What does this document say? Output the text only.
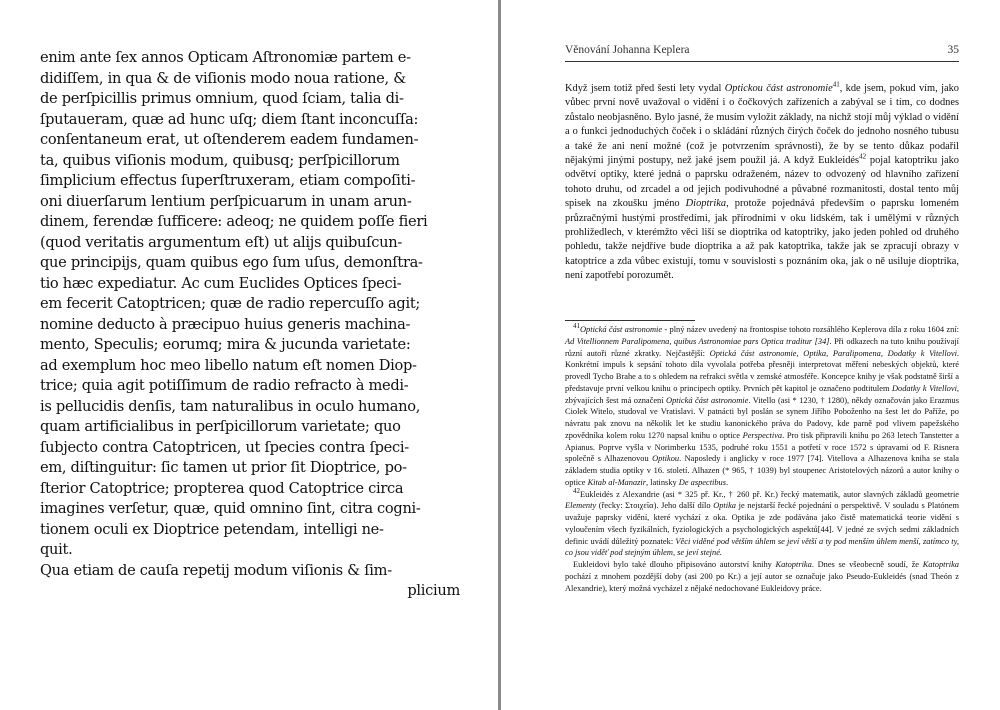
enim ante ſex annos Opticam Aſtronomiæ partem e-
didiſſem, in qua & de viſionis modo noua ratione, &
de perſpicillis primus omnium, quod ſciam, talia di-
ſputaueram, quæ ad hunc uſq; diem ſtant inconcuſſa:
conſentaneum erat, ut oſtenderem eadem fundamen-
ta, quibus viſionis modum, quibusq; perſpicillorum
ſimplicium effectus ſuperſtruxeram, etiam compoſiti-
oni diuerſarum lentium perſpicuarum in unam arun-
dinem, ferendæ ſufficere: adeoq; ne quidem poſſe fieri
(quod veritatis argumentum eſt) ut alijs quibuſcun-
que principijs, quam quibus ego ſum uſus, demonſtra-
tio hæc expediatur. Ac cum Euclides Optices ſpeci-
em fecerit Catoptricen; quæ de radio repercuſſo agit;
nomine deducto à præcipuo huius generis machina-
mento, Speculis; eorumq; mira & jucunda varietate:
ad exemplum hoc meo libello natum eſt nomen Diop-
trice; quia agit potiſſimum de radio refracto à medi-
is pellucidis denſis, tam naturalibus in oculo humano,
quam artificialibus in perſpicillorum varietate; quo
ſubjecto contra Catoptricen, ut ſpecies contra ſpeci-
em, diſtinguitur: ſic tamen ut prior ſit Dioptrice, po-
ſterior Catoptrice; propterea quod Catoptrice circa
imagines verſetur, quæ, quid omnino ſint, citra cogni-
tionem oculi ex Dioptrice petendam, intelligi ne-
quit.
Qua etiam de cauſa repetij modum viſionis & ſim-
plicium
Věnování Johanna Keplera	35

Když jsem totiž před šesti lety vydal Optickou část astronomie$^{41}$, kde jsem, pokud vím, jako vůbec první nově uvažoval o vidění i o čočkových zařízeních a zabýval se i tím, co dodnes zůstalo neobjasněno. Bylo jasné, že musím vyložit základy, na nichž stojí můj výklad o vidění a o funkci jednoduchých čoček i o skládání různých čirých čoček do jednoho nosného tubusu a také že ani není možné (což je potvrzením správnosti), že by se tento důkaz podařil nějakými jinými postupy, než jaké jsem použil já. A když Eukleidés$^{42}$ pojal katoptriku jako odvětví optiky, které jedná o paprsku odraženém, název to odvozený od hlavního zařízení tohoto druhu, od zrcadel a od jejich podivuhodné a půvabné rozmanitosti, dostal tento můj spisek na zkoušku jméno Dioptrika, protože pojednává především o paprsku lomeném průzračnými hustými prostředími, jak přírodními v oku lidském, tak i umělými v různých prohlížedlech, v kterémžto věci liší se dioptrika od katoptriky, jako jeden pohled od druhého pohledu, takže nejdříve bude dioptrika a až pak katoptrika, takže jak se zpracují obrazy v katoptrice a zda vůbec existují, tomu v souvislosti s poznáním oka, jak o ně usiluje dioptrika, není zapotřebí porozumět.

$^{41}$Optická část astronomie - plný název uvedený na frontospise tohoto rozsáhlého Keplerova díla z roku 1604 zní: Ad Vitellionnem Paralipomena, quibus Astronomiae pars Optica traditur [34]. Při odkazech na tuto knihu používají různí autoři různé zkratky. Nejčastější: Optická část astronomie, Optika, Paralipomena, Dodatky k Vitellovi. Konkrétní impuls k sepsání tohoto díla vyvolala potřeba přesněji interpretovat měření nebeských objektů, které provedl Tycho Brahe a to s ohledem na refrakci světla v zemské atmosféře. Koncepce knihy je však podstatně širší a představuje první velkou knihu o principech optiky. Prvních pět kapitol je označeno podtitulem Dodatky k Vitellovi, zbývajících šest má označení Optická část astronomie. Vitello (asi * 1230, † 1280), někdy označován jako Erazmus Ciolek Witelo, studoval ve Vratislavi. V patnácti byl poslán se synem Jiřího Poboženho na šest let do Paříže, po návratu pak znovu na několik let ke studiu kanonického práva do Padovy, kde parně pod vlivem papežského zpovědníka kolem roku 1270 napsal knihu o optice Perspectiva. Pro tisk připravili knihu po 263 letech Tanstetter a Apianus. Poprve vyšla v Norimberku 1535, podruhé roku 1551 a potřetí v roce 1572 s úpravami od F. Risnera společně s Alhazenovou Optikou. Naposledy i anglicky v roce 1977 [74]. Vitellova a Alhazenova kniha se stala základem studia optiky v 16. století. Alhazen (* 965, † 1039) byl stoupenec Aristotelových názorů a autor knihy o optice Kitab al-Manazir, latinsky De aspectibus.

$^{42}$Eukleidés z Alexandrie (asi * 325 př. Kr., † 260 př. Kr.) řecký matematik, autor slavných základů geometrie Elementy (řecky: Στοιχεῖα). Jeho další dílo Optika je nejstarší řecké pojednání o perspektivě. V souladu s Platónem uvažuje paprsky vidění, které vychází z oka. Optika je zde podávána jako čistě matematická teorie vidění s vyloučením všech fyzikálních, fyziologických a psychologických aspektů[44]. V jedné ze svých sedmi základních definic uvádí důležitý poznatek: Věci viděné pod větším úhlem se jeví větší a ty pod menším úhlem menší, zatímco ty, co jsou viděť pod stejným úhlem, se jeví stejné.

Eukleidovi bylo také dlouho připisováno autorství knihy Katoptrika. Dnes se všeobecně soudí, že Katoptrika pochází z mnohem pozdější doby (asi 200 po Kr.) a její autor se označuje jako Pseudo-Eukleidés (snad Theón z Alexandrie), který možná vycházel z nějaké nedochované Eukleidovy práce.
